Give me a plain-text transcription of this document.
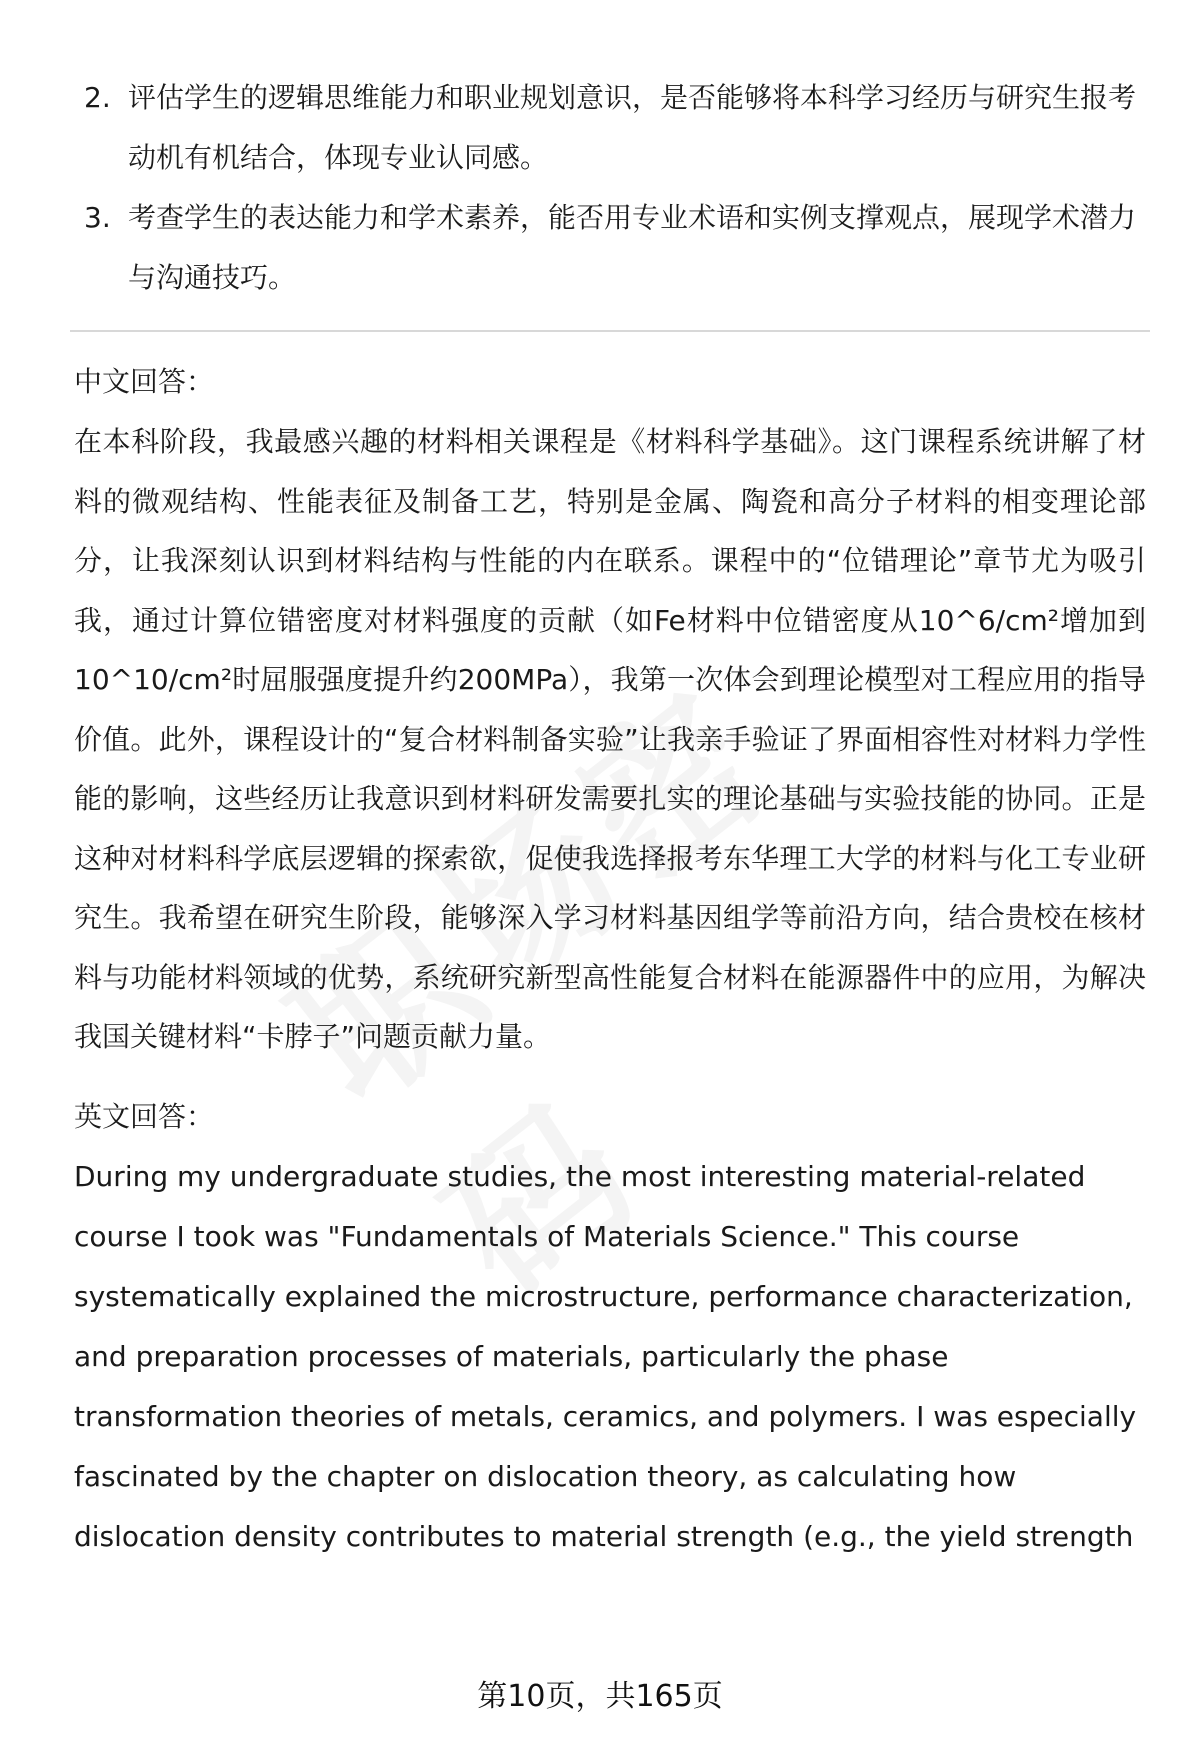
2. 评估学生的逻辑思维能力和职业规划意识，是否能够将本科学习经历与研究生报考动机有机结合，体现专业认同感。
3. 考查学生的表达能力和学术素养，能否用专业术语和实例支撑观点，展现学术潜力与沟通技巧。

中文回答：

在本科阶段，我最感兴趣的材料相关课程是《材料科学基础》。这门课程系统讲解了材料的微观结构、性能表征及制备工艺，特别是金属、陶瓷和高分子材料的相变理论部分，让我深刻认识到材料结构与性能的内在联系。课程中的“位错理论”章节尤为吸引我，通过计算位错密度对材料强度的贡献（如Fe材料中位错密度从10^6/cm²增加到10^10/cm²时屈服强度提升约200MPa），我第一次体会到理论模型对工程应用的指导价值。此外，课程设计的“复合材料制备实验”让我亲手验证了界面相容性对材料力学性能的影响，这些经历让我意识到材料研发需要扎实的理论基础与实验技能的协同。正是这种对材料科学底层逻辑的探索欲，促使我选择报考东华理工大学的材料与化工专业研究生。我希望在研究生阶段，能够深入学习材料基因组学等前沿方向，结合贵校在核材料与功能材料领域的优势，系统研究新型高性能复合材料在能源器件中的应用，为解决我国关键材料“卡脖子”问题贡献力量。

英文回答：

During my undergraduate studies, the most interesting material-related course I took was "Fundamentals of Materials Science." This course systematically explained the microstructure, performance characterization, and preparation processes of materials, particularly the phase transformation theories of metals, ceramics, and polymers. I was especially fascinated by the chapter on dislocation theory, as calculating how dislocation density contributes to material strength (e.g., the yield strength

第10页，共165页
